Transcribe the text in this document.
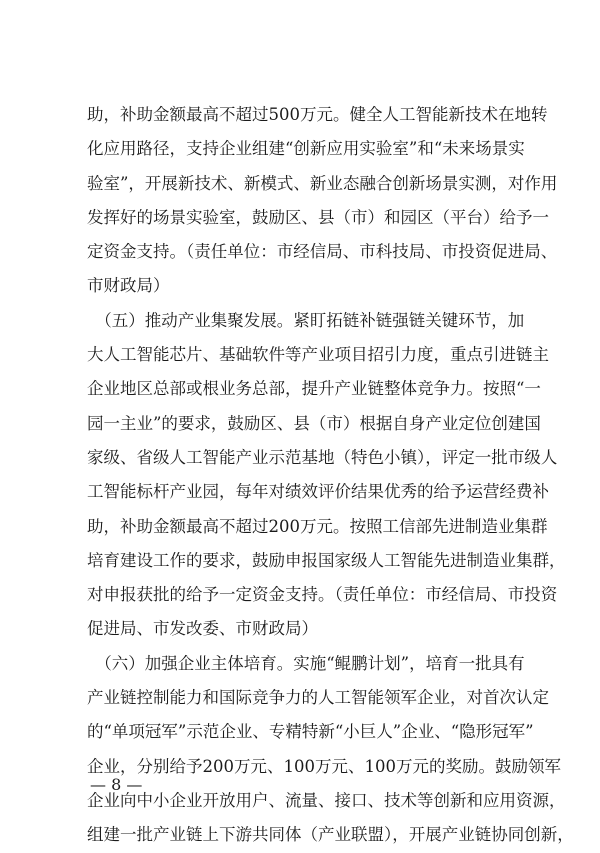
助，补助金额最高不超过500万元。健全人工智能新技术在地转
化应用路径，支持企业组建“创新应用实验室”和“未来场景实
验室”，开展新技术、新模式、新业态融合创新场景实测，对作用
发挥好的场景实验室，鼓励区、县（市）和园区（平台）给予一
定资金支持。（责任单位：市经信局、市科技局、市投资促进局、
市财政局）
　（五）推动产业集聚发展。紧盯拓链补链强链关键环节，加
大人工智能芯片、基础软件等产业项目招引力度，重点引进链主
企业地区总部或根业务总部，提升产业链整体竞争力。按照“一
园一主业”的要求，鼓励区、县（市）根据自身产业定位创建国
家级、省级人工智能产业示范基地（特色小镇），评定一批市级人
工智能标杆产业园，每年对绩效评价结果优秀的给予运营经费补
助，补助金额最高不超过200万元。按照工信部先进制造业集群
培育建设工作的要求，鼓励申报国家级人工智能先进制造业集群，
对申报获批的给予一定资金支持。（责任单位：市经信局、市投资
促进局、市发改委、市财政局）
　（六）加强企业主体培育。实施“鲲鹏计划”，培育一批具有
产业链控制能力和国际竞争力的人工智能领军企业，对首次认定
的“单项冠军”示范企业、专精特新“小巨人”企业、“隐形冠军”
企业，分别给予200万元、100万元、100万元的奖励。鼓励领军
企业向中小企业开放用户、流量、接口、技术等创新和应用资源，
组建一批产业链上下游共同体（产业联盟），开展产业链协同创新，
— 8 —
